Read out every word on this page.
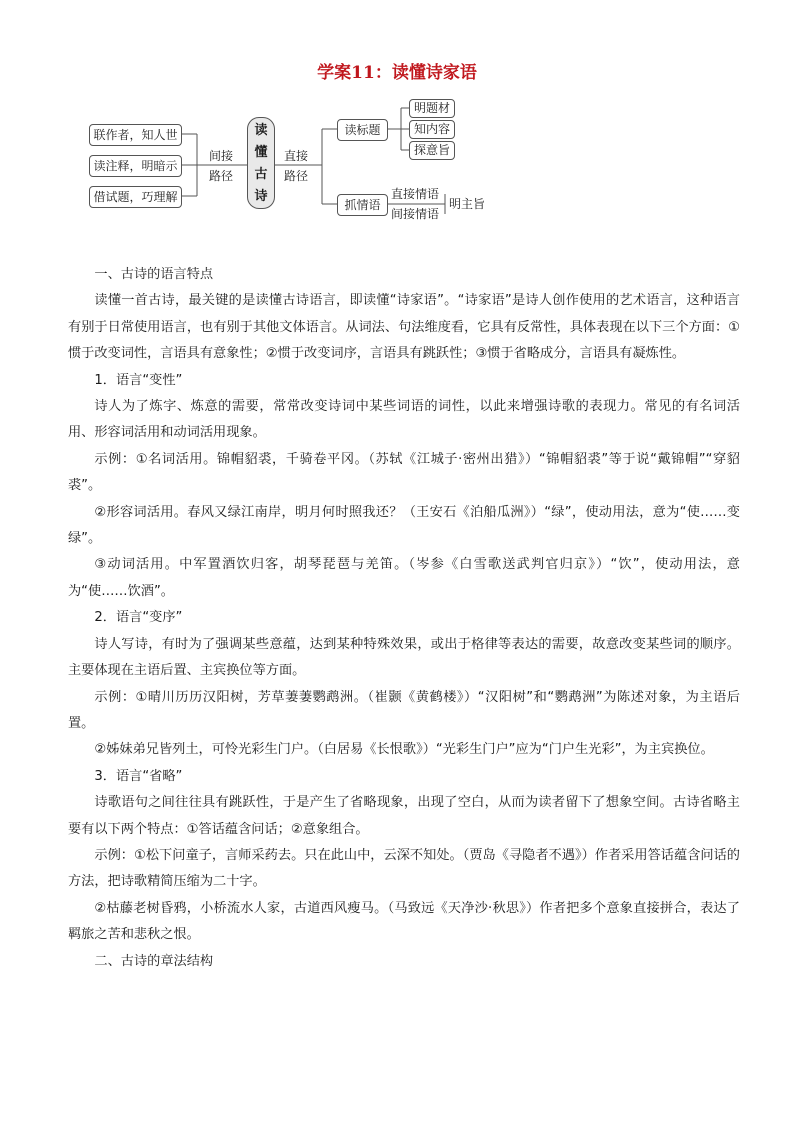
学案11：读懂诗家语
联作者，知人世
读注释，明暗示
借试题，巧理解
间接
路径
读
懂
古
诗
直接
路径
读标题
明题材
知内容
探意旨
抓情语
直接情语
间接情语
明主旨

一、古诗的语言特点

读懂一首古诗，最关键的是读懂古诗语言，即读懂“诗家语”。“诗家语”是诗人创作使用的艺术语言，这种语言有别于日常使用语言，也有别于其他文体语言。从词法、句法维度看，它具有反常性，具体表现在以下三个方面：①惯于改变词性，言语具有意象性；②惯于改变词序，言语具有跳跃性；③惯于省略成分，言语具有凝炼性。

1．语言“变性”

诗人为了炼字、炼意的需要，常常改变诗词中某些词语的词性，以此来增强诗歌的表现力。常见的有名词活用、形容词活用和动词活用现象。

示例：①名词活用。锦帽貂裘，千骑卷平冈。（苏轼《江城子·密州出猎》）“锦帽貂裘”等于说“戴锦帽”“穿貂裘”。

②形容词活用。春风又绿江南岸，明月何时照我还？（王安石《泊船瓜洲》）“绿”，使动用法，意为“使……变绿”。

③动词活用。中军置酒饮归客，胡琴琵琶与羌笛。（岑参《白雪歌送武判官归京》）“饮”，使动用法，意为“使……饮酒”。

2．语言“变序”

诗人写诗，有时为了强调某些意蕴，达到某种特殊效果，或出于格律等表达的需要，故意改变某些词的顺序。主要体现在主语后置、主宾换位等方面。

示例：①晴川历历汉阳树，芳草萋萋鹦鹉洲。（崔颢《黄鹤楼》）“汉阳树”和“鹦鹉洲”为陈述对象，为主语后置。

②姊妹弟兄皆列土，可怜光彩生门户。（白居易《长恨歌》）“光彩生门户”应为“门户生光彩”，为主宾换位。

3．语言“省略”

诗歌语句之间往往具有跳跃性，于是产生了省略现象，出现了空白，从而为读者留下了想象空间。古诗省略主要有以下两个特点：①答话蕴含问话；②意象组合。

示例：①松下问童子，言师采药去。只在此山中，云深不知处。（贾岛《寻隐者不遇》）作者采用答话蕴含问话的方法，把诗歌精简压缩为二十字。

②枯藤老树昏鸦，小桥流水人家，古道西风瘦马。（马致远《天净沙·秋思》）作者把多个意象直接拼合，表达了羁旅之苦和悲秋之恨。

二、古诗的章法结构
